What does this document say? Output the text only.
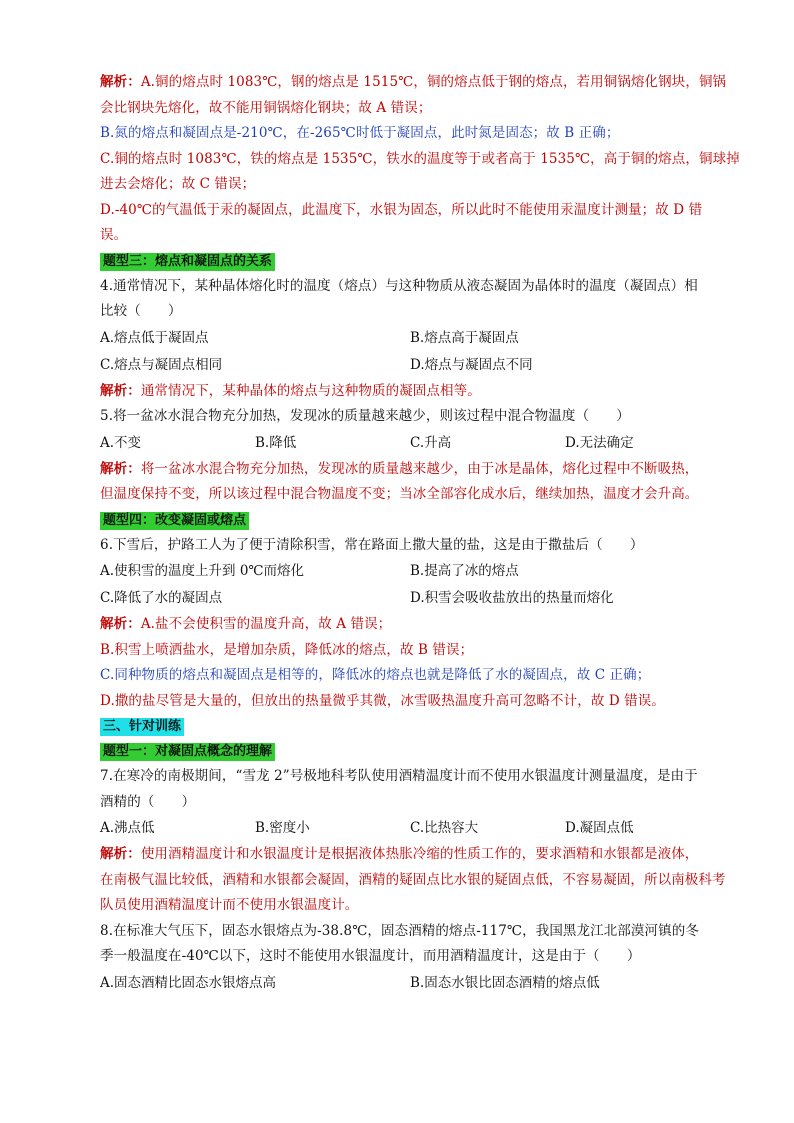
解析：A.铜的熔点时 1083℃，钢的熔点是 1515℃，铜的熔点低于钢的熔点，若用铜锅熔化钢块，铜锅
会比钢块先熔化，故不能用铜锅熔化钢块；故 A 错误；
B.氮的熔点和凝固点是-210℃，在-265℃时低于凝固点，此时氮是固态；故 B 正确；
C.铜的熔点时 1083℃，铁的熔点是 1535℃，铁水的温度等于或者高于 1535℃，高于铜的熔点，铜球掉
进去会熔化；故 C 错误；
D.-40℃的气温低于汞的凝固点，此温度下，水银为固态，所以此时不能使用汞温度计测量；故 D 错
误。
题型三：熔点和凝固点的关系
4.通常情况下，某种晶体熔化时的温度（熔点）与这种物质从液态凝固为晶体时的温度（凝固点）相
比较（　　）
A.熔点低于凝固点	B.熔点高于凝固点
C.熔点与凝固点相同	D.熔点与凝固点不同
解析：通常情况下，某种晶体的熔点与这种物质的凝固点相等。
5.将一盆冰水混合物充分加热，发现冰的质量越来越少，则该过程中混合物温度（　　）
A.不变	B.降低	C.升高	D.无法确定
解析：将一盆冰水混合物充分加热，发现冰的质量越来越少，由于冰是晶体，熔化过程中不断吸热，
但温度保持不变，所以该过程中混合物温度不变；当冰全部容化成水后，继续加热，温度才会升高。
题型四：改变凝固或熔点
6.下雪后，护路工人为了便于清除积雪，常在路面上撒大量的盐，这是由于撒盐后（　　）
A.使积雪的温度上升到 0℃而熔化	B.提高了冰的熔点
C.降低了水的凝固点	D.积雪会吸收盐放出的热量而熔化
解析：A.盐不会使积雪的温度升高，故 A 错误；
B.积雪上喷洒盐水，是增加杂质，降低冰的熔点，故 B 错误；
C.同种物质的熔点和凝固点是相等的，降低冰的熔点也就是降低了水的凝固点，故 C 正确；
D.撒的盐尽管是大量的，但放出的热量微乎其微，冰雪吸热温度升高可忽略不计，故 D 错误。
三、针对训练
题型一：对凝固点概念的理解
7.在寒冷的南极期间，“雪龙 2”号极地科考队使用酒精温度计而不使用水银温度计测量温度，是由于
酒精的（　　）
A.沸点低	B.密度小	C.比热容大	D.凝固点低
解析：使用酒精温度计和水银温度计是根据液体热胀冷缩的性质工作的，要求酒精和水银都是液体，
在南极气温比较低，酒精和水银都会凝固，酒精的疑固点比水银的疑固点低，不容易凝固，所以南极科考
队员使用酒精温度计而不使用水银温度计。
8.在标准大气压下，固态水银熔点为-38.8℃，固态酒精的熔点-117℃，我国黑龙江北部漠河镇的冬
季一般温度在-40℃以下，这时不能使用水银温度计，而用酒精温度计，这是由于（　　）
A.固态酒精比固态水银熔点高	B.固态水银比固态酒精的熔点低
